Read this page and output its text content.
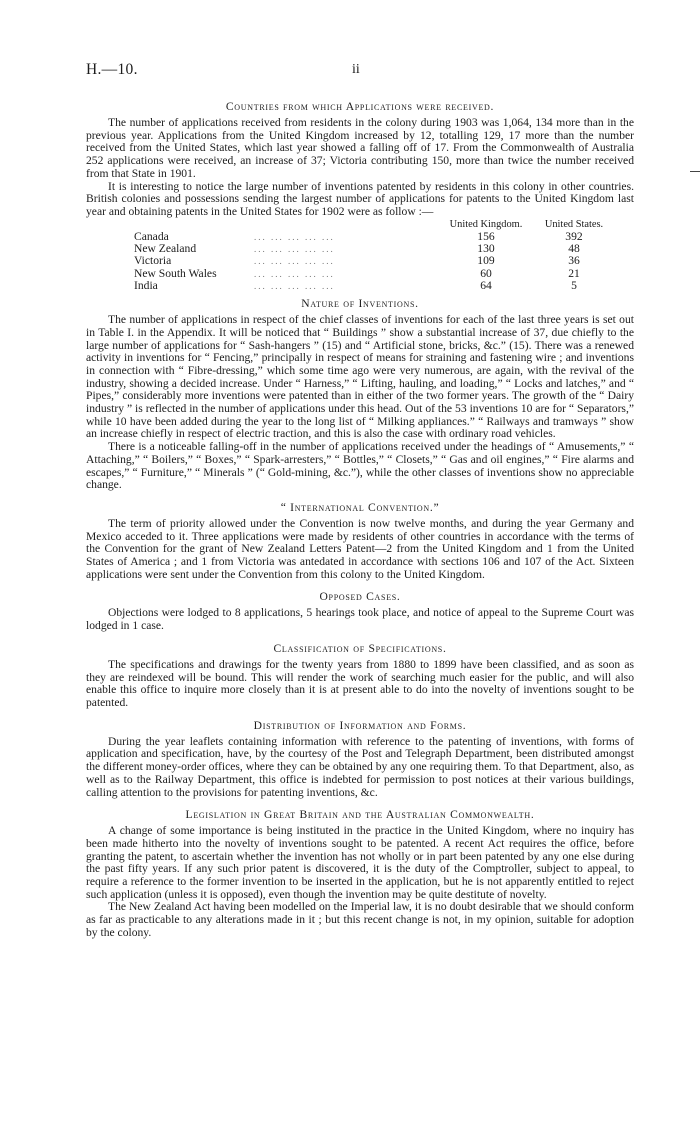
H.—10.	ii
Countries from which Applications were received.

The number of applications received from residents in the colony during 1903 was 1,064, 134 more than in the previous year. Applications from the United Kingdom increased by 12, totalling 129, 17 more than the number received from the United States, which last year showed a falling off of 17. From the Commonwealth of Australia 252 applications were received, an increase of 37; Victoria contributing 150, more than twice the number received from that State in 1901.

It is interesting to notice the large number of inventions patented by residents in this colony in other countries. British colonies and possessions sending the largest number of applications for patents to the United Kingdom last year and obtaining patents in the United States for 1902 were as follow :—

		United Kingdom.	United States.
Canada	... ... ... ... ...	156	392
New Zealand	... ... ... ... ...	130	48
Victoria	... ... ... ... ...	109	36
New South Wales	... ... ... ... ...	60	21
India	... ... ... ... ...	64	5
Nature of Inventions.

The number of applications in respect of the chief classes of inventions for each of the last three years is set out in Table I. in the Appendix. It will be noticed that “ Buildings ” show a substantial increase of 37, due chiefly to the large number of applications for “ Sash-hangers ” (15) and “ Artificial stone, bricks, &c.” (15). There was a renewed activity in inventions for “ Fencing,” principally in respect of means for straining and fastening wire ; and inventions in connection with “ Fibre-dressing,” which some time ago were very numerous, are again, with the revival of the industry, showing a decided increase. Under “ Harness,” “ Lifting, hauling, and loading,” “ Locks and latches,” and “ Pipes,” considerably more inventions were patented than in either of the two former years. The growth of the “ Dairy industry ” is reflected in the number of applications under this head. Out of the 53 inventions 10 are for “ Separators,” while 10 have been added during the year to the long list of “ Milking appliances.” “ Railways and tramways ” show an increase chiefly in respect of electric traction, and this is also the case with ordinary road vehicles.

There is a noticeable falling-off in the number of applications received under the headings of “ Amusements,” “ Attaching,” “ Boilers,” “ Boxes,” “ Spark-arresters,” “ Bottles,” “ Closets,” “ Gas and oil engines,” “ Fire alarms and escapes,” “ Furniture,” “ Minerals ” (“ Gold-mining, &c.”), while the other classes of inventions show no appreciable change.

“ International Convention.”

The term of priority allowed under the Convention is now twelve months, and during the year Germany and Mexico acceded to it. Three applications were made by residents of other countries in accordance with the terms of the Convention for the grant of New Zealand Letters Patent—2 from the United Kingdom and 1 from the United States of America ; and 1 from Victoria was antedated in accordance with sections 106 and 107 of the Act. Sixteen applications were sent under the Convention from this colony to the United Kingdom.

Opposed Cases.

Objections were lodged to 8 applications, 5 hearings took place, and notice of appeal to the Supreme Court was lodged in 1 case.

Classification of Specifications.

The specifications and drawings for the twenty years from 1880 to 1899 have been classified, and as soon as they are reindexed will be bound. This will render the work of searching much easier for the public, and will also enable this office to inquire more closely than it is at present able to do into the novelty of inventions sought to be patented.

Distribution of Information and Forms.

During the year leaflets containing information with reference to the patenting of inventions, with forms of application and specification, have, by the courtesy of the Post and Telegraph Department, been distributed amongst the different money-order offices, where they can be obtained by any one requiring them. To that Department, also, as well as to the Railway Department, this office is indebted for permission to post notices at their various buildings, calling attention to the provisions for patenting inventions, &c.

Legislation in Great Britain and the Australian Commonwealth.

A change of some importance is being instituted in the practice in the United Kingdom, where no inquiry has been made hitherto into the novelty of inventions sought to be patented. A recent Act requires the office, before granting the patent, to ascertain whether the invention has not wholly or in part been patented by any one else during the past fifty years. If any such prior patent is discovered, it is the duty of the Comptroller, subject to appeal, to require a reference to the former invention to be inserted in the application, but he is not apparently entitled to reject such application (unless it is opposed), even though the invention may be quite destitute of novelty.

The New Zealand Act having been modelled on the Imperial law, it is no doubt desirable that we should conform as far as practicable to any alterations made in it ; but this recent change is not, in my opinion, suitable for adoption by the colony.
